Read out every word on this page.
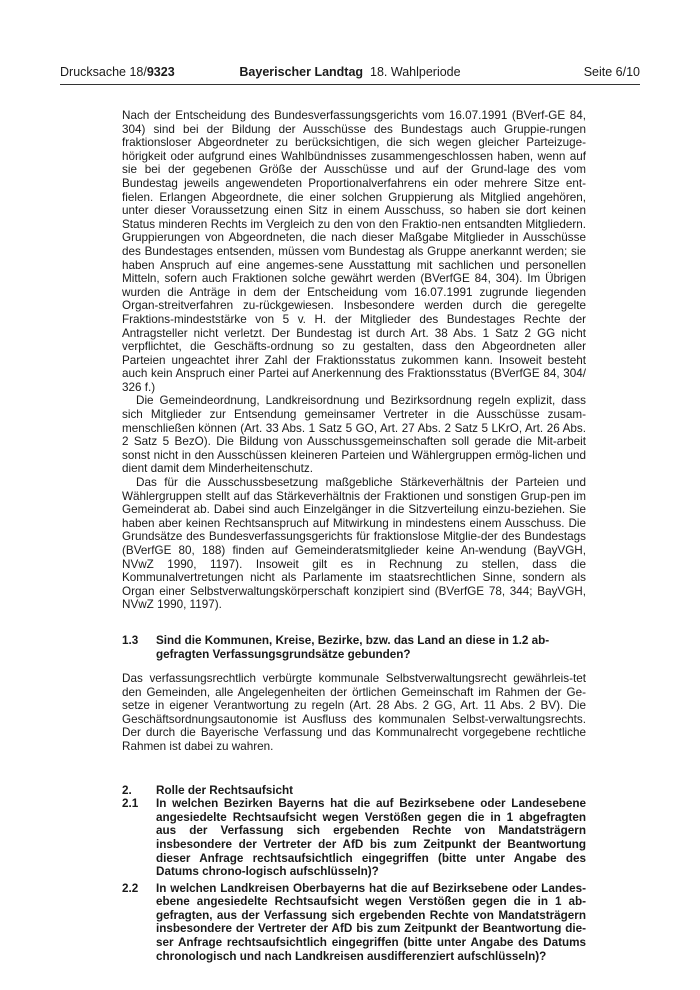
Drucksache 18/9323	Bayerischer Landtag 18. Wahlperiode	Seite 6/10

Nach der Entscheidung des Bundesverfassungsgerichts vom 16.07.1991 (BVerf-GE 84, 304) sind bei der Bildung der Ausschüsse des Bundestags auch Gruppie-rungen fraktionsloser Abgeordneter zu berücksichtigen, die sich wegen gleicher Parteizuge-hörigkeit oder aufgrund eines Wahlbündnisses zusammengeschlossen haben, wenn auf sie bei der gegebenen Größe der Ausschüsse und auf der Grund-lage des vom Bundestag jeweils angewendeten Proportionalverfahrens ein oder mehrere Sitze ent-fielen. Erlangen Abgeordnete, die einer solchen Gruppierung als Mitglied angehören, unter dieser Voraussetzung einen Sitz in einem Ausschuss, so haben sie dort keinen Status minderen Rechts im Vergleich zu den von den Fraktio-nen entsandten Mitgliedern. Gruppierungen von Abgeordneten, die nach dieser Maßgabe Mitglieder in Ausschüsse des Bundestages entsenden, müssen vom Bundestag als Gruppe anerkannt werden; sie haben Anspruch auf eine angemes-sene Ausstattung mit sachlichen und personellen Mitteln, sofern auch Fraktionen solche gewährt werden (BVerfGE 84, 304). Im Übrigen wurden die Anträge in dem der Entscheidung vom 16.07.1991 zugrunde liegenden Organ-streitverfahren zu-rückgewiesen. Insbesondere werden durch die geregelte Fraktions-mindeststärke von 5 v. H. der Mitglieder des Bundestages Rechte der Antragsteller nicht verletzt. Der Bundestag ist durch Art. 38 Abs. 1 Satz 2 GG nicht verpflichtet, die Geschäfts-ordnung so zu gestalten, dass den Abgeordneten aller Parteien ungeachtet ihrer Zahl der Fraktionsstatus zukommen kann. Insoweit besteht auch kein Anspruch einer Partei auf Anerkennung des Fraktionsstatus (BVerfGE 84, 304/ 326 f.)

Die Gemeindeordnung, Landkreisordnung und Bezirksordnung regeln explizit, dass sich Mitglieder zur Entsendung gemeinsamer Vertreter in die Ausschüsse zusam-menschließen können (Art. 33 Abs. 1 Satz 5 GO, Art. 27 Abs. 2 Satz 5 LKrO, Art. 26 Abs. 2 Satz 5 BezO). Die Bildung von Ausschussgemeinschaften soll gerade die Mit-arbeit sonst nicht in den Ausschüssen kleineren Parteien und Wählergruppen ermög-lichen und dient damit dem Minderheitenschutz.

Das für die Ausschussbesetzung maßgebliche Stärkeverhältnis der Parteien und Wählergruppen stellt auf das Stärkeverhältnis der Fraktionen und sonstigen Grup-pen im Gemeinderat ab. Dabei sind auch Einzelgänger in die Sitzverteilung einzu-beziehen. Sie haben aber keinen Rechtsanspruch auf Mitwirkung in mindestens einem Ausschuss. Die Grundsätze des Bundesverfassungsgerichts für fraktionslose Mitglie-der des Bundestags (BVerfGE 80, 188) finden auf Gemeinderatsmitglieder keine An-wendung (BayVGH, NVwZ 1990, 1197). Insoweit gilt es in Rechnung zu stellen, dass die Kommunalvertretungen nicht als Parlamente im staatsrechtlichen Sinne, sondern als Organ einer Selbstverwaltungskörperschaft konzipiert sind (BVerfGE 78, 344; BayVGH, NVwZ 1990, 1197).

1.3 Sind die Kommunen, Kreise, Bezirke, bzw. das Land an diese in 1.2 ab-gefragten Verfassungsgrundsätze gebunden?

Das verfassungsrechtlich verbürgte kommunale Selbstverwaltungsrecht gewährleis-tet den Gemeinden, alle Angelegenheiten der örtlichen Gemeinschaft im Rahmen der Ge-setze in eigener Verantwortung zu regeln (Art. 28 Abs. 2 GG, Art. 11 Abs. 2 BV). Die Geschäftsordnungsautonomie ist Ausfluss des kommunalen Selbst-verwaltungsrechts. Der durch die Bayerische Verfassung und das Kommunalrecht vorgegebene rechtliche Rahmen ist dabei zu wahren.

2. Rolle der Rechtsaufsicht
2.1 In welchen Bezirken Bayerns hat die auf Bezirksebene oder Landesebene angesiedelte Rechtsaufsicht wegen Verstößen gegen die in 1 abgefragten aus der Verfassung sich ergebenden Rechte von Mandatsträgern insbesondere der Vertreter der AfD bis zum Zeitpunkt der Beantwortung dieser Anfrage rechtsaufsichtlich eingegriffen (bitte unter Angabe des Datums chrono-logisch aufschlüsseln)?
2.2 In welchen Landkreisen Oberbayerns hat die auf Bezirksebene oder Landes-ebene angesiedelte Rechtsaufsicht wegen Verstößen gegen die in 1 ab-gefragten, aus der Verfassung sich ergebenden Rechte von Mandatsträgern insbesondere der Vertreter der AfD bis zum Zeitpunkt der Beantwortung die-ser Anfrage rechtsaufsichtlich eingegriffen (bitte unter Angabe des Datums chronologisch und nach Landkreisen ausdifferenziert aufschlüsseln)?
